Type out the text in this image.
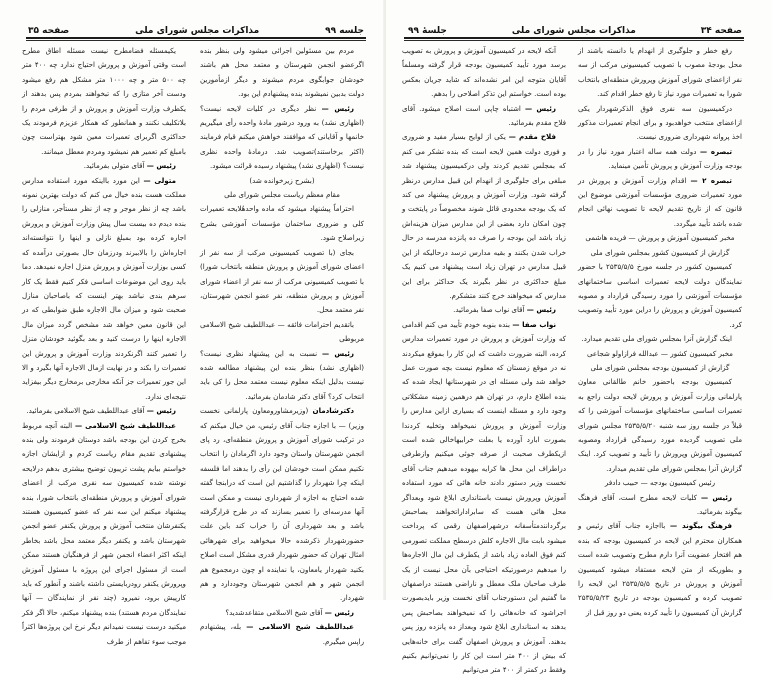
جلسه ۹۹
مذاکرات مجلس شورای ملی
صفحه ۳۵

مردم بین مسئولین اجرائی میشود ولی بنظر بنده اگرعضو انجمن شهرستان و معتمد محل هم باشند خودشان جوابگوی مردم میشوند و دیگر ازمأمورین دولت بدبین نمیشوند بنده پیشنهادم این بود.

رئیس — نظر دیگری در کلیات لایحه نیست؟(اظهاری نشد) به ورود درشور مادهٔ واحده رأی میگیریم خانمها و آقایانی که موافقند خواهش میکنم قیام فرمایند (اکثر برخاستند)تصویب شد. درمادهٔ واحده نظری نیست؟ (اظهاری نشد) پیشنهاد رسیده قرائت میشود.

(بشرح زیرخوانده شد)

مقام معظم ریاست مجلس شورای ملی

احتراماً پیشنهاد میشود که ماده واحدهٔلایحه تعمیرات کلی و ضروری ساختمان مؤسسات آموزشی بشرح زیراصلاح شود.

بجای (با تصویب کمیسیونی مرکب از سه نفر از اعضای شورای آموزش و پرورش منطقه بانتخاب شورا) با تصویب کمیسیونی مرکب از سه نفر از اعضاء شورای آموزش و پرورش منطقه، نفر عضو انجمن شهرستان، نفر معتمد محل.

باتقدیم احترامات فائقه — عبداللطیف شیخ الاسلامی مربوطی

رئیس — نسبت به این پیشنهاد نظری نیست؟(اظهاری نشد) بنظر بنده این پیشنهاد مطالعه شده نیست بدلیل اینکه معلوم نیست معتمد محل را کی باید انتخاب کرد؟ آقای دکتر شادمان بفرمائید.

دکترشادمان (وزیرمشاورومعاون پارلمانی نخست وزیر) — با اجازه جناب آقای رئیس، من خیال میکنم که در ترکیب شورای آموزش و پرورش منطقه‌ای، رد پای انجمن شهرستان واستان وجود دارد اگرمادان را انتخاب نکنیم ممکن است خودشان این رأی را بدهند اما فلسفه اینکه چرا شهردار را گذاشتیم این است که درابنجا گفته شده احتیاج به اجازه از شهرداری نیست و ممکن است آنها مدرسه‌ای را تعمیر بسازند که در طرح قرارگرفته باشد و بعد شهرداری آن را خراب کند باین علت حضورشهردار ذکرشده حالا میخواهید برای شهرهائی امثال تهران که حضور شهردار قدری مشکل است اصلاح بکنید شهردار یامعاون، یا نماینده او چون درمجموع هم انجمن شهر و هم انجمن شهرستان وجوددارد و هم شهردار.

رئیس — آقای شیخ الاسلامی متقاعدشدید؟

عبداللطیف شیخ الاسلامی — بله، پیشنهادم راپس میگیرم.

یکیمسئله فضامطرح نیست مسئله اطاق مطرح است وقتی آموزش و پرورش احتیاج ندارد چه ۴۰۰ متر چه ۵۰۰ متر و چه ۱۰۰۰ متر مشکل هم رفع میشود ودست آخر متازی را که تبخواهند بمردم پس بدهند از یکطرف وزارت آموزش و پرورش و از طرفی مردم را بلاتکلیف نکنند و همانطور که همکار عزیزم فرمودند یک حداکثری اگربرای تعمیرات معین شود بهتراست چون بامبلغ کم تعمیر هم نمیشود ومردم معطل میمانند.

رئیس — آقای متولی بفرمائید.

متولی — این مورد بااینکه مورد استفاده مدارس مملکت هست بنده خیال می کنم که دولت بهترین نمونه باشد چه از نظر موجر و چه از نظر مستأجر، منازلی را بنده دیدم ده بیست سال پیش وزارت آموزش و پرورش اجاره کرده بود بمبلغ نازلی و اینها را نتوانسته‌اند اجاره‌اش را بالاببرند ودرزمان حال بصورتی درآمده که کسی بوزارت آموزش و پرورش منزل اجاره نمیدهد. دما باید روی این موضوعات اساسی فکر کنیم فقط یک کار سرهم بندی نباشد بهتر اینست که باصاحبان منازل صحبت شود و میزان مال الاجاره طبق ضوابطی که در این قانون معین خواهد شد مشخص گردد میزان مال الاجاره اینها را درست کنید و بعد بگوئید خودشان منزل را تعمیر کنند اگرنکردند وزارت آموزش و پرورش این تعمیرات را بکند و در نهایت ازمال الاجاره آنها بگیرد و الا این جور تعمیرات جز آنکه مخارجی برمخارج دیگر بیفزاید نتیجه‌ای ندارد.

رئیس — آقای عبداللطیف شیخ الاسلامی بفرمائید.

عبداللطیف شیخ الاسلامی — البته آنچه مربوط بخرج کردن این بودجه باشد دوستان فرمودند ولی بنده پیشنهادی تقدیم مقام ریاست کردم و ازایشان اجازه خواستم بیایم پشت تریبون توضیح بیشتری بدهم درلایحه نوشته شده کمیسیون سه نفری مرکب از اعضای شورای آموزش و پرورش منطقه‌ای بانتخاب شورا، بنده پیشنهاد میکنم این سه نفر که عضو کمیسیون هستند یکنفرشان منتخب آموزش و پرورش یکنفر عضو انجمن شهرستان باشد و یکنفر دیگر معتمد محل باشد بخاطر اینکه اکثر اعضاء انجمن شهر از فرهنگیان هستند ممکن است از مسئول اجرای این پروژه با مسئول آموزش وپرورش یکنفر رودربایستی داشته باشند و آنطور که باید کارپیش برود، نمیرود (چند نفر از نمایندگان — آنها نمایندگان مردم هستند) بنده پیشنهاد میکنم، حالا اگر فکر میکنید درست نیست نمیدانم دیگر نرخ این پروژه‌ها اکثراً موجب سوء تفاهم از طرف

صفحه ۳۴
مذاکرات مجلس شورای ملی
جلسهٔ ۹۹

رفع خطر و جلوگیری از انهدام یا دانسته باشند از محل بودجهٔ مصوب با تصویب کمیسیونی مرکب از سه نفر ازاعضای شورای آموزش وپرورش منطقه‌ای بانتخاب شورا به تعمیرات مورد نیاز تا رفع خطر اقدام کند.

درکمیسیون سه نفری فوق الذکرشهردار یکی ازاعضای منتخب خواهدبود و برای انجام تعمیرات مذکور اخذ پروانه شهرداری ضروری نیست.

تبصره — دولت همه ساله اعتبار مورد نیاز را در بودجه وزارت آموزش و پرورش تأمین مینماید.

تبصره ۲ — اقدام وزارت آموزش و پرورش در مورد تعمیرات ضروری مؤسسات آموزشی موضوع این قانون که از تاریخ تقدیم لایحه تا تصویب نهائی انجام شده باشد تأیید میگردد.

مخبر کمیسیون آموزش و پرورش — فریده هاشمی

گزارش از کمیسیون کشور بمجلس شورای ملی

کمیسیون کشور در جلسه مورخ ۲۵۳۵/۵/۵ با حضور نمایندگان دولت لایحه تعمیرات اساسی ساختمانهای مؤسسات آموزشی را مورد رسیدگی قرارداد و مصوبه کمیسیون آموزش و پرورش را دراین مورد تأیید وتصویب کرد.

اینک گزارش آنرا بمجلس شورای ملی تقدیم میدارد.

مخبر کمیسیون کشور — عبدالله فرازاولو شجاعی

گزارش از کمیسیون بودجه بمجلس شورای ملی

کمیسیون بودجه باحضور خانم طالقانی معاون پارلمانی وزارت آموزش و پرورش لایحه دولت راجع به تعمیرات اساسی ساختمانهای مؤسسات آموزشی را که قبلاً در جلسه روز سه شنبه ۲۵۳۵/۵/۲۰ مجلس شورای ملی تصویب گردیده مورد رسیدگی قرارداد ومصوبه کمیسیون آموزش وپرورش را تأیید و تصویب کرد. اینک گزارش آنرا بمجلس شورای ملی تقدیم میدارد.

رئیس کمیسیون بودجه — حبیب دادفر

رئیس — کلیات لایحه مطرح است، آقای فرهنگ بیگوند بفرمائید.

فرهنگ بیگوند — بااجازه جناب آقای رئیس و همکاران محترم این لایحه در کمیسیون بودجه که بنده هم افتخار عضویت آنرا دارم مطرح وتصویب شده است و بطوریکه از متن لایحه مستفاد میشود کمیسیون آموزش و پرورش در تاریخ ۲۵۳۵/۵/۵ این لایحه را تصویب کرده و کمیسیون بودجه در تاریخ ۲۵۳۵/۵/۲۳ گزارش آن کمیسیون را تأیید کرده یعنی دو روز قبل از

آنکه لایحه در کمیسیون آموزش و پرورش به تصویب برسد مورد تأیید کمیسیون بودجه قرار گرفته ومسلماً آقایان متوجه این امر نشده‌اند که شاید جریان بعکس بوده است. خواستم این تذکر اصلاحی را بدهم.

رئیس — اشتباه چاپی است اصلاح میشود. آقای فلاح مقدم بفرمائید.

فلاح مقدم — یکی از لوایح بسیار مفید و ضروری و فوری دولت همین لایحه است که بنده تشکر می کنم که بمجلس تقدیم کردند ولی درکمیسیون پیشنهاد شد مبلغی برای جلوگیری از انهدام این قبیل مدارس درنظر گرفته شود. وزارت آموزش و پرورش پیشنهاد می کند که یک بودجه محدودی قائل شوند مخصوصاً در پایتخت و چون امکان دارد بعضی از این مدارس میزان هزینه‌اش زیاد باشد این بودجه را صرف ده پانزده مدرسه در حال خراب شدن بکنند و بقیه مدارس ترسد درحالیکه از این قبیل مدارس در تهران زیاد است پیشنهاد می کنیم یک مبلغ حداکثری در نظر بگیرند یک حداکثر برای این مدارس که میخواهند خرج کنند متشکرم.

رئیس — آقای نواب صفا بفرمائید.

نواب صفا — بنده بنوبه خودم تأیید می کنم اقدامی که وزارت آموزش و پرورش در مورد تعمیرات مدارس کرده، البته ضرورت داشت که این کار را بموقع میکردند نه در موقع زمستان که معلوم نیست بچه صورت عمل خواهد شد ولی مسئله ای در شهرستانها ایجاد شده که بنده اطلاع دارم، در تهران هم درهمین زمینه مشکلاتی وجود دارد و مسئله اینست که بسیاری ازاین مدارس را وزارت آموزش و پرورش نمیخواهد وتخلیه کردندا بصورت ابارد آورده یا بعلت خرابیهاخالی شده است ازیکطرف صحبت از صرفه جوئی میکنیم وازطرفی دراطراف این محل ها کرایه بیهوده میدهیم جناب آقای نخست وزیر دستور دادند خانه هائی که مورد استفاده آموزش وپرورش نیست باستانداری ابلاغ شود وبعداگر محل هائی هست که سابراداراتخواهند بصاحبش برگردانندمتأسفانه درشهراصفهان رقمی که پرداخت میشود بابت مال الاجاره کلش درسطح مملکت تصورمی کنم فوق العاده زیاد باشد از یکطرف این مال الاجاره‌ها را میدهیم درصورتیکه احتیاجی بآن محل نیست از یک طرف صاحبان ملک معطل و ناراضی هستند دراصفهان ما گفتیم این دستورجناب آقای نخست وزیر بایدبصورت اجراشود که خانه‌هائی را که نمیخواهند بصاحبش پس بدهند به استانداری ابلاغ شود وبعداز ده پانزده روز پس بدهند. آموزش و پرورش اصفهان گفت برای خانه‌هایی که بیش از ۴۰۰ متر است این کار را نمی‌توانیم بکنیم وفقط در کمتر از ۴۰۰ متر می‌توانیم
